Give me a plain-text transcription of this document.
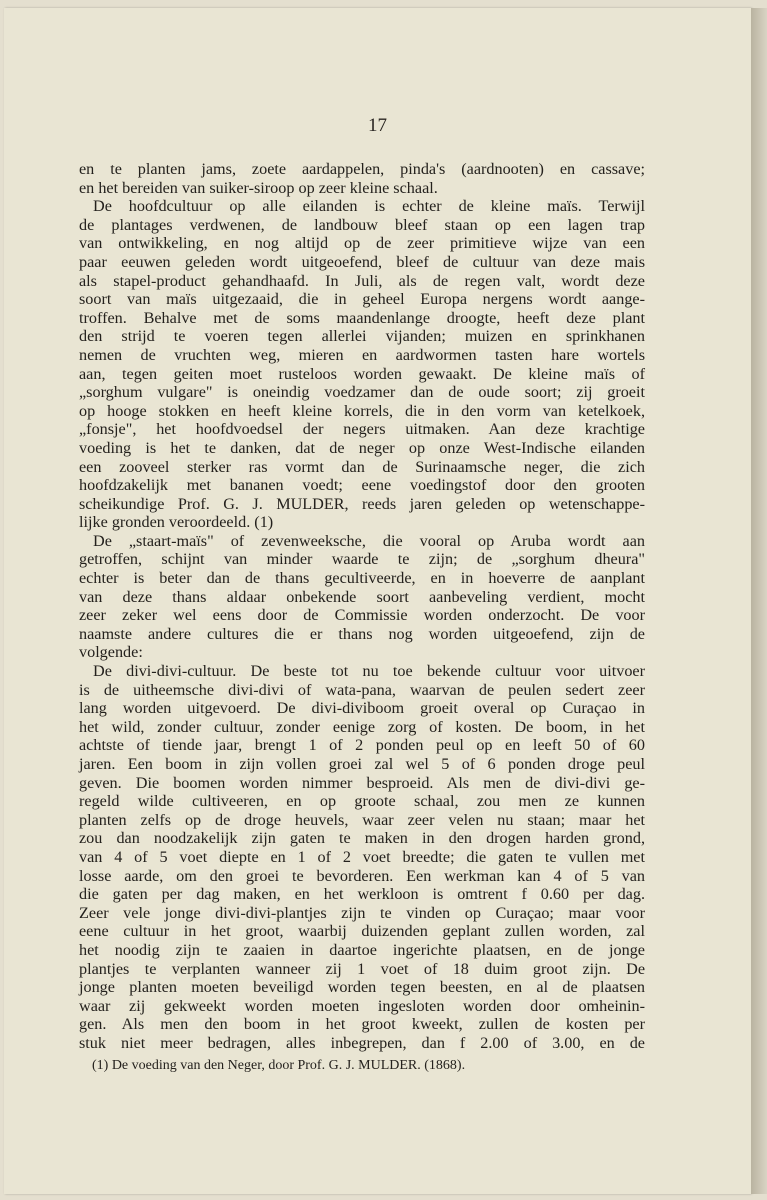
17
en te planten jams, zoete aardappelen, pinda's (aardnooten) en cassave;
en het bereiden van suiker-siroop op zeer kleine schaal.
De hoofdcultuur op alle eilanden is echter de kleine maïs. Terwijl
de plantages verdwenen, de landbouw bleef staan op een lagen trap
van ontwikkeling, en nog altijd op de zeer primitieve wijze van een
paar eeuwen geleden wordt uitgeoefend, bleef de cultuur van deze mais
als stapel-product gehandhaafd. In Juli, als de regen valt, wordt deze
soort van maïs uitgezaaid, die in geheel Europa nergens wordt aange-
troffen. Behalve met de soms maandenlange droogte, heeft deze plant
den strijd te voeren tegen allerlei vijanden; muizen en sprinkhanen
nemen de vruchten weg, mieren en aardwormen tasten hare wortels
aan, tegen geiten moet rusteloos worden gewaakt. De kleine maïs of
„sorghum vulgare" is oneindig voedzamer dan de oude soort; zij groeit
op hooge stokken en heeft kleine korrels, die in den vorm van ketelkoek,
„fonsje", het hoofdvoedsel der negers uitmaken. Aan deze krachtige
voeding is het te danken, dat de neger op onze West-Indische eilanden
een zooveel sterker ras vormt dan de Surinaamsche neger, die zich
hoofdzakelijk met bananen voedt; eene voedingstof door den grooten
scheikundige Prof. G. J. MULDER, reeds jaren geleden op wetenschappe-
lijke gronden veroordeeld. (1)
De „staart-maïs" of zevenweeksche, die vooral op Aruba wordt aan
getroffen, schijnt van minder waarde te zijn; de „sorghum dheura"
echter is beter dan de thans gecultiveerde, en in hoeverre de aanplant
van deze thans aldaar onbekende soort aanbeveling verdient, mocht
zeer zeker wel eens door de Commissie worden onderzocht. De voor
naamste andere cultures die er thans nog worden uitgeoefend, zijn de
volgende:
De divi-divi-cultuur. De beste tot nu toe bekende cultuur voor uitvoer
is de uitheemsche divi-divi of wata-pana, waarvan de peulen sedert zeer
lang worden uitgevoerd. De divi-diviboom groeit overal op Curaçao in
het wild, zonder cultuur, zonder eenige zorg of kosten. De boom, in het
achtste of tiende jaar, brengt 1 of 2 ponden peul op en leeft 50 of 60
jaren. Een boom in zijn vollen groei zal wel 5 of 6 ponden droge peul
geven. Die boomen worden nimmer besproeid. Als men de divi-divi ge-
regeld wilde cultiveeren, en op groote schaal, zou men ze kunnen
planten zelfs op de droge heuvels, waar zeer velen nu staan; maar het
zou dan noodzakelijk zijn gaten te maken in den drogen harden grond,
van 4 of 5 voet diepte en 1 of 2 voet breedte; die gaten te vullen met
losse aarde, om den groei te bevorderen. Een werkman kan 4 of 5 van
die gaten per dag maken, en het werkloon is omtrent f 0.60 per dag.
Zeer vele jonge divi-divi-plantjes zijn te vinden op Curaçao; maar voor
eene cultuur in het groot, waarbij duizenden geplant zullen worden, zal
het noodig zijn te zaaien in daartoe ingerichte plaatsen, en de jonge
plantjes te verplanten wanneer zij 1 voet of 18 duim groot zijn. De
jonge planten moeten beveiligd worden tegen beesten, en al de plaatsen
waar zij gekweekt worden moeten ingesloten worden door omheinin-
gen. Als men den boom in het groot kweekt, zullen de kosten per
stuk niet meer bedragen, alles inbegrepen, dan f 2.00 of 3.00, en de
(1) De voeding van den Neger, door Prof. G. J. MULDER. (1868).
